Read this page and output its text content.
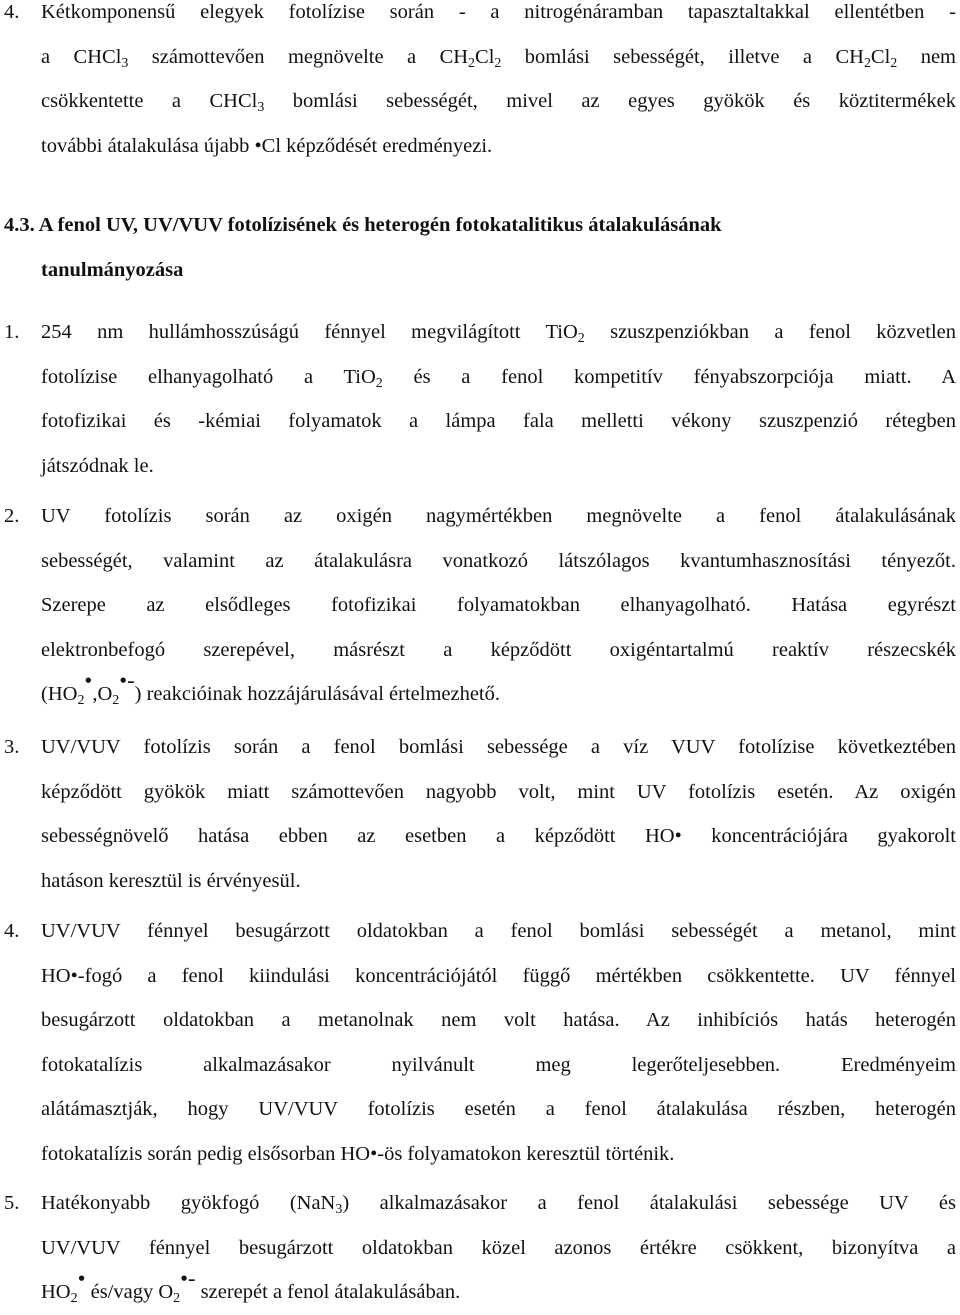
4. Kétkomponensű elegyek fotolízise során - a nitrogénáramban tapasztaltakkal ellentétben -
a CHCl$_3$ számottevően megnövelte a $CH_2Cl_2$ bomlási sebességét, illetve a $CH_2Cl_2$ nem
csökkentette a CHCl$_3$ bomlási sebességét, mivel az egyes gyökök és köztitermékek
további átalakulása újabb •Cl képződését eredményezi.
4.3. A fenol UV, UV/VUV fotolízisének és heterogén fotokatalitikus átalakulásának
tanulmányozása
1. 254 nm hullámhosszúságú fénnyel megvilágított TiO$_2$ szuszpenziókban a fenol közvetlen
fotolízise elhanyagolható a TiO$_2$ és a fenol kompetitív fényabszorpciója miatt. A
fotofizikai és -kémiai folyamatok a lámpa fala melletti vékony szuszpenzió rétegben
játszódnak le.
2. UV fotolízis során az oxigén nagymértékben megnövelte a fenol átalakulásának
sebességét, valamint az átalakulásra vonatkozó látszólagos kvantumhasznosítási tényezőt.
Szerepe az elsődleges fotofizikai folyamatokban elhanyagolható. Hatása egyrészt
elektronbefogó szerepével, másrészt a képződött oxigéntartalmú reaktív részecskék
$(HO_2^•,O_2^{•-})$ reakcióinak hozzájárulásával értelmezhető.
3. UV/VUV fotolízis során a fenol bomlási sebessége a víz VUV fotolízise következtében
képződött gyökök miatt számottevően nagyobb volt, mint UV fotolízis esetén. Az oxigén
sebességnövelő hatása ebben az esetben a képződött HO• koncentrációjára gyakorolt
hatáson keresztül is érvényesül.
4. UV/VUV fénnyel besugárzott oldatokban a fenol bomlási sebességét a metanol, mint
HO•-fogó a fenol kiindulási koncentrációjától függő mértékben csökkentette. UV fénnyel
besugárzott oldatokban a metanolnak nem volt hatása. Az inhibíciós hatás heterogén
fotokatalízis alkalmazásakor nyilvánult meg legerőteljesebben. Eredményeim
alátámasztják, hogy UV/VUV fotolízis esetén a fenol átalakulása részben, heterogén
fotokatalízis során pedig elsősorban HO•-ös folyamatokon keresztül történik.
5. Hatékonyabb gyökfogó (NaN$_3$) alkalmazásakor a fenol átalakulási sebessége UV és
UV/VUV fénnyel besugárzott oldatokban közel azonos értékre csökkent, bizonyítva a
$HO_2^•$ és/vagy $O_2^{•-}$ szerepét a fenol átalakulásában.
